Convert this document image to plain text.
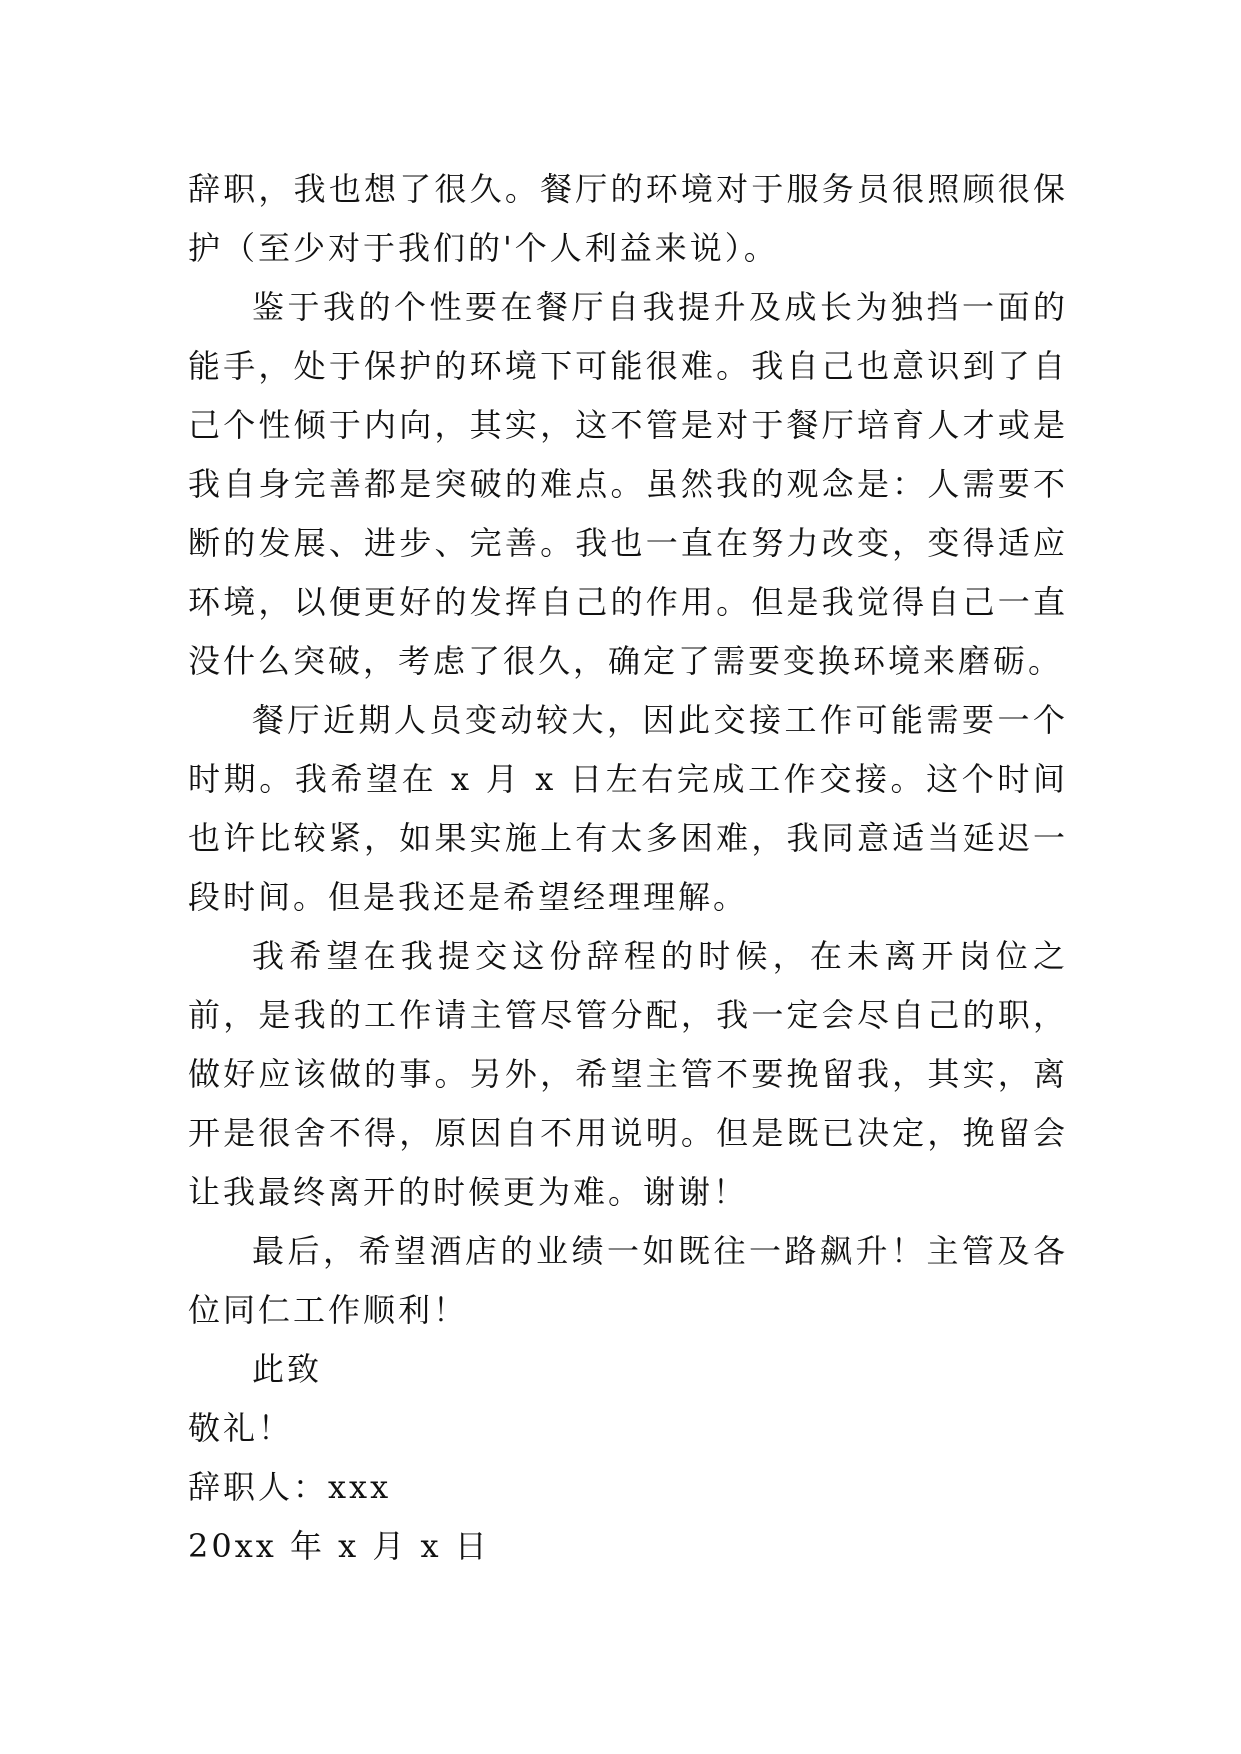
辞职，我也想了很久。餐厅的环境对于服务员很照顾很保护（至少对于我们的'个人利益来说）。

鉴于我的个性要在餐厅自我提升及成长为独挡一面的能手，处于保护的环境下可能很难。我自己也意识到了自己个性倾于内向，其实，这不管是对于餐厅培育人才或是我自身完善都是突破的难点。虽然我的观念是：人需要不断的发展、进步、完善。我也一直在努力改变，变得适应环境，以便更好的发挥自己的作用。但是我觉得自己一直没什么突破，考虑了很久，确定了需要变换环境来磨砺。

餐厅近期人员变动较大，因此交接工作可能需要一个时期。我希望在 x 月 x 日左右完成工作交接。这个时间也许比较紧，如果实施上有太多困难，我同意适当延迟一段时间。但是我还是希望经理理解。

我希望在我提交这份辞程的时候，在未离开岗位之前，是我的工作请主管尽管分配，我一定会尽自己的职，做好应该做的事。另外，希望主管不要挽留我，其实，离开是很舍不得，原因自不用说明。但是既已决定，挽留会让我最终离开的时候更为难。谢谢！

最后，希望酒店的业绩一如既往一路飙升！主管及各位同仁工作顺利！

此致

敬礼！

辞职人：xxx

20xx 年 x 月 x 日
